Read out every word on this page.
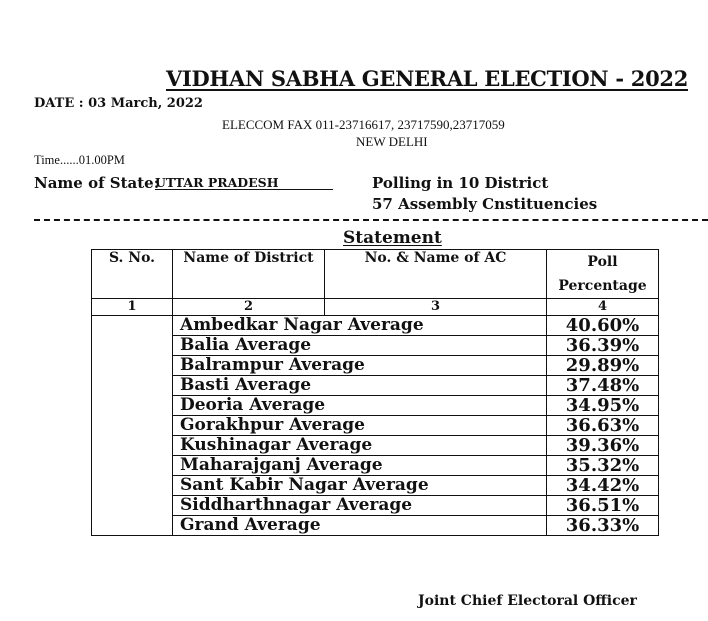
VIDHAN SABHA GENERAL ELECTION - 2022
DATE : 03 March, 2022
ELECCOM FAX 011-23716617, 23717590,23717059
NEW DELHI
Time......01.00PM
Name of State:
UTTAR PRADESH	Polling in 10 District
57 Assembly Cnstituencies
Statement
S. No.	Name of District	No. & Name of AC	Poll
Percentage

1	2	3	4
	Ambedkar Nagar Average		40.60%
	Balia Average		36.39%
	Balrampur Average		29.89%
	Basti Average		37.48%
	Deoria Average		34.95%
	Gorakhpur Average		36.63%
	Kushinagar Average		39.36%
	Maharajganj Average		35.32%
	Sant Kabir Nagar Average		34.42%
	Siddharthnagar Average		36.51%
	Grand Average		36.33%
Joint Chief Electoral Officer
